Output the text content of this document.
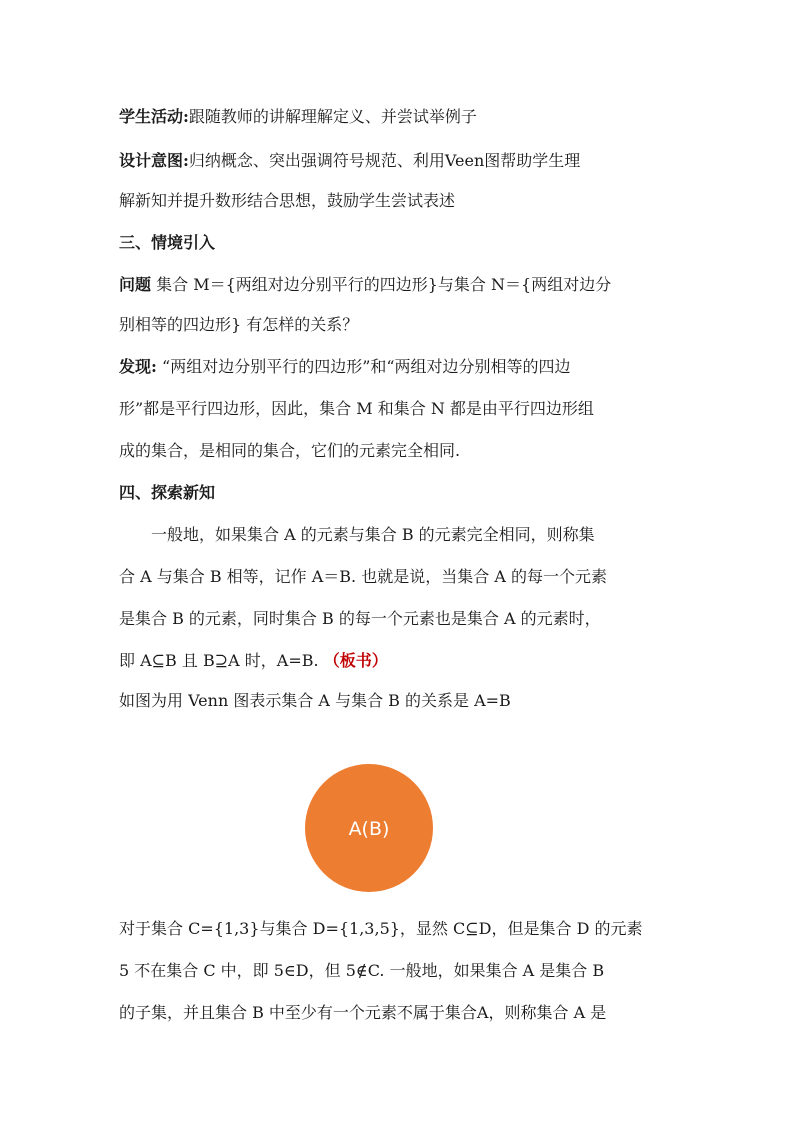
学生活动:跟随教师的讲解理解定义、并尝试举例子
设计意图:归纳概念、突出强调符号规范、利用Veen图帮助学生理
解新知并提升数形结合思想，鼓励学生尝试表述
三、情境引入
问题 集合 M＝{两组对边分别平行的四边形}与集合 N＝{两组对边分
别相等的四边形} 有怎样的关系？
发现: “两组对边分别平行的四边形”和“两组对边分别相等的四边
形”都是平行四边形，因此，集合 M 和集合 N 都是由平行四边形组
成的集合，是相同的集合，它们的元素完全相同.
四、探索新知
一般地，如果集合 A 的元素与集合 B 的元素完全相同，则称集
合 A 与集合 B 相等，记作 A＝B. 也就是说，当集合 A 的每一个元素
是集合 B 的元素，同时集合 B 的每一个元素也是集合 A 的元素时，
即 A⊆B 且 B⊇A 时，A=B. （板书）
如图为用 Venn 图表示集合 A 与集合 B 的关系是 A=B
A(B)
对于集合 C={1,3}与集合 D={1,3,5}，显然 C⊆D，但是集合 D 的元素
5 不在集合 C 中，即 5∈D，但 5∉C. 一般地，如果集合 A 是集合 B
的子集，并且集合 B 中至少有一个元素不属于集合A，则称集合 A 是
